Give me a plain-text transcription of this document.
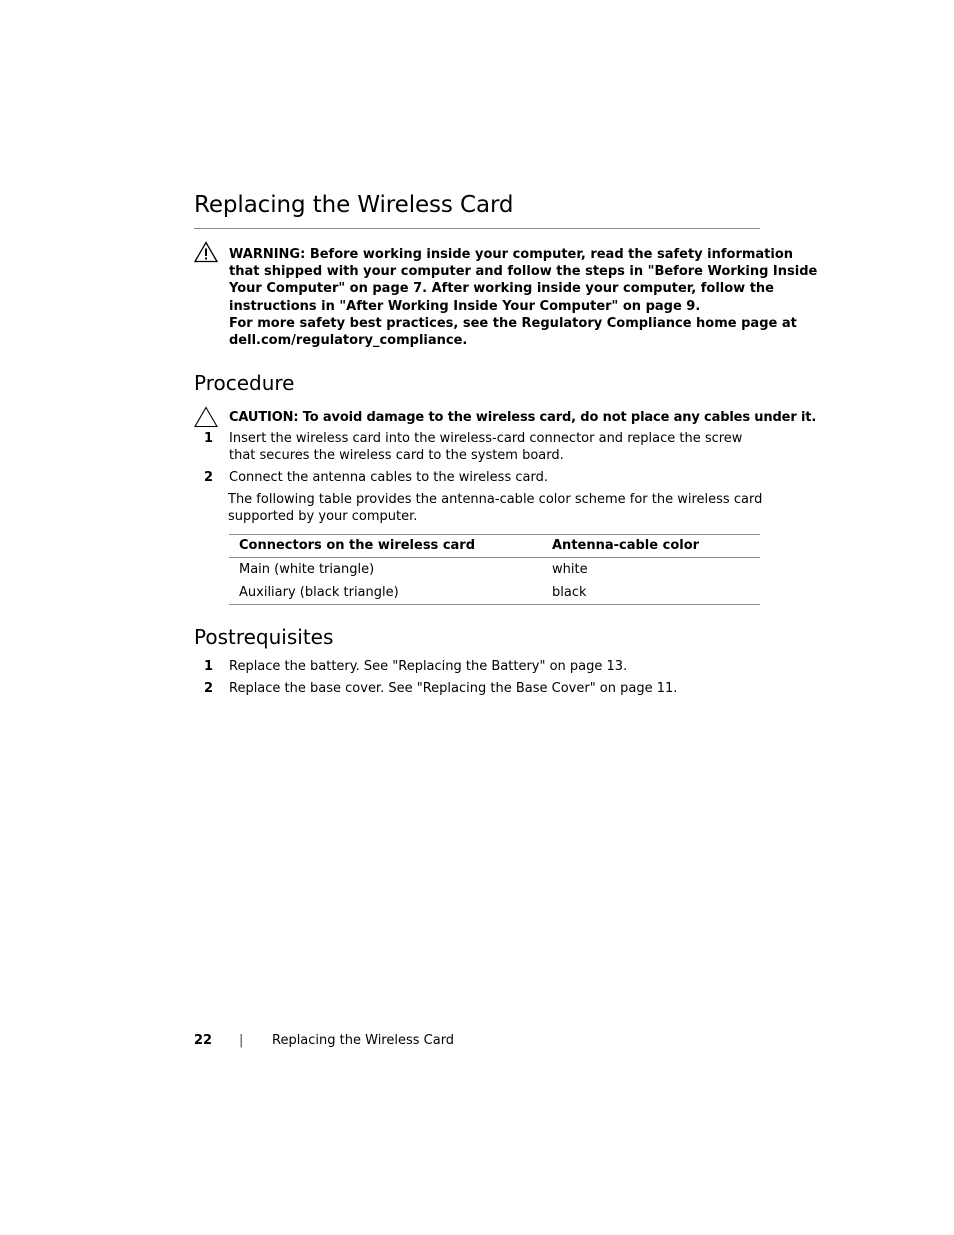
Replacing the Wireless Card
WARNING: Before working inside your computer, read the safety information
that shipped with your computer and follow the steps in "Before Working Inside
Your Computer" on page 7. After working inside your computer, follow the
instructions in "After Working Inside Your Computer" on page 9.
For more safety best practices, see the Regulatory Compliance home page at
dell.com/regulatory_compliance.
Procedure
CAUTION: To avoid damage to the wireless card, do not place any cables under it.
1 Insert the wireless card into the wireless-card connector and replace the screw
that secures the wireless card to the system board.
2 Connect the antenna cables to the wireless card.
The following table provides the antenna-cable color scheme for the wireless card
supported by your computer.
Connectors on the wireless card	Antenna-cable color
Main (white triangle)	white
Auxiliary (black triangle)	black
Postrequisites
1 Replace the battery. See "Replacing the Battery" on page 13.
2 Replace the base cover. See "Replacing the Base Cover" on page 11.
22 | Replacing the Wireless Card
